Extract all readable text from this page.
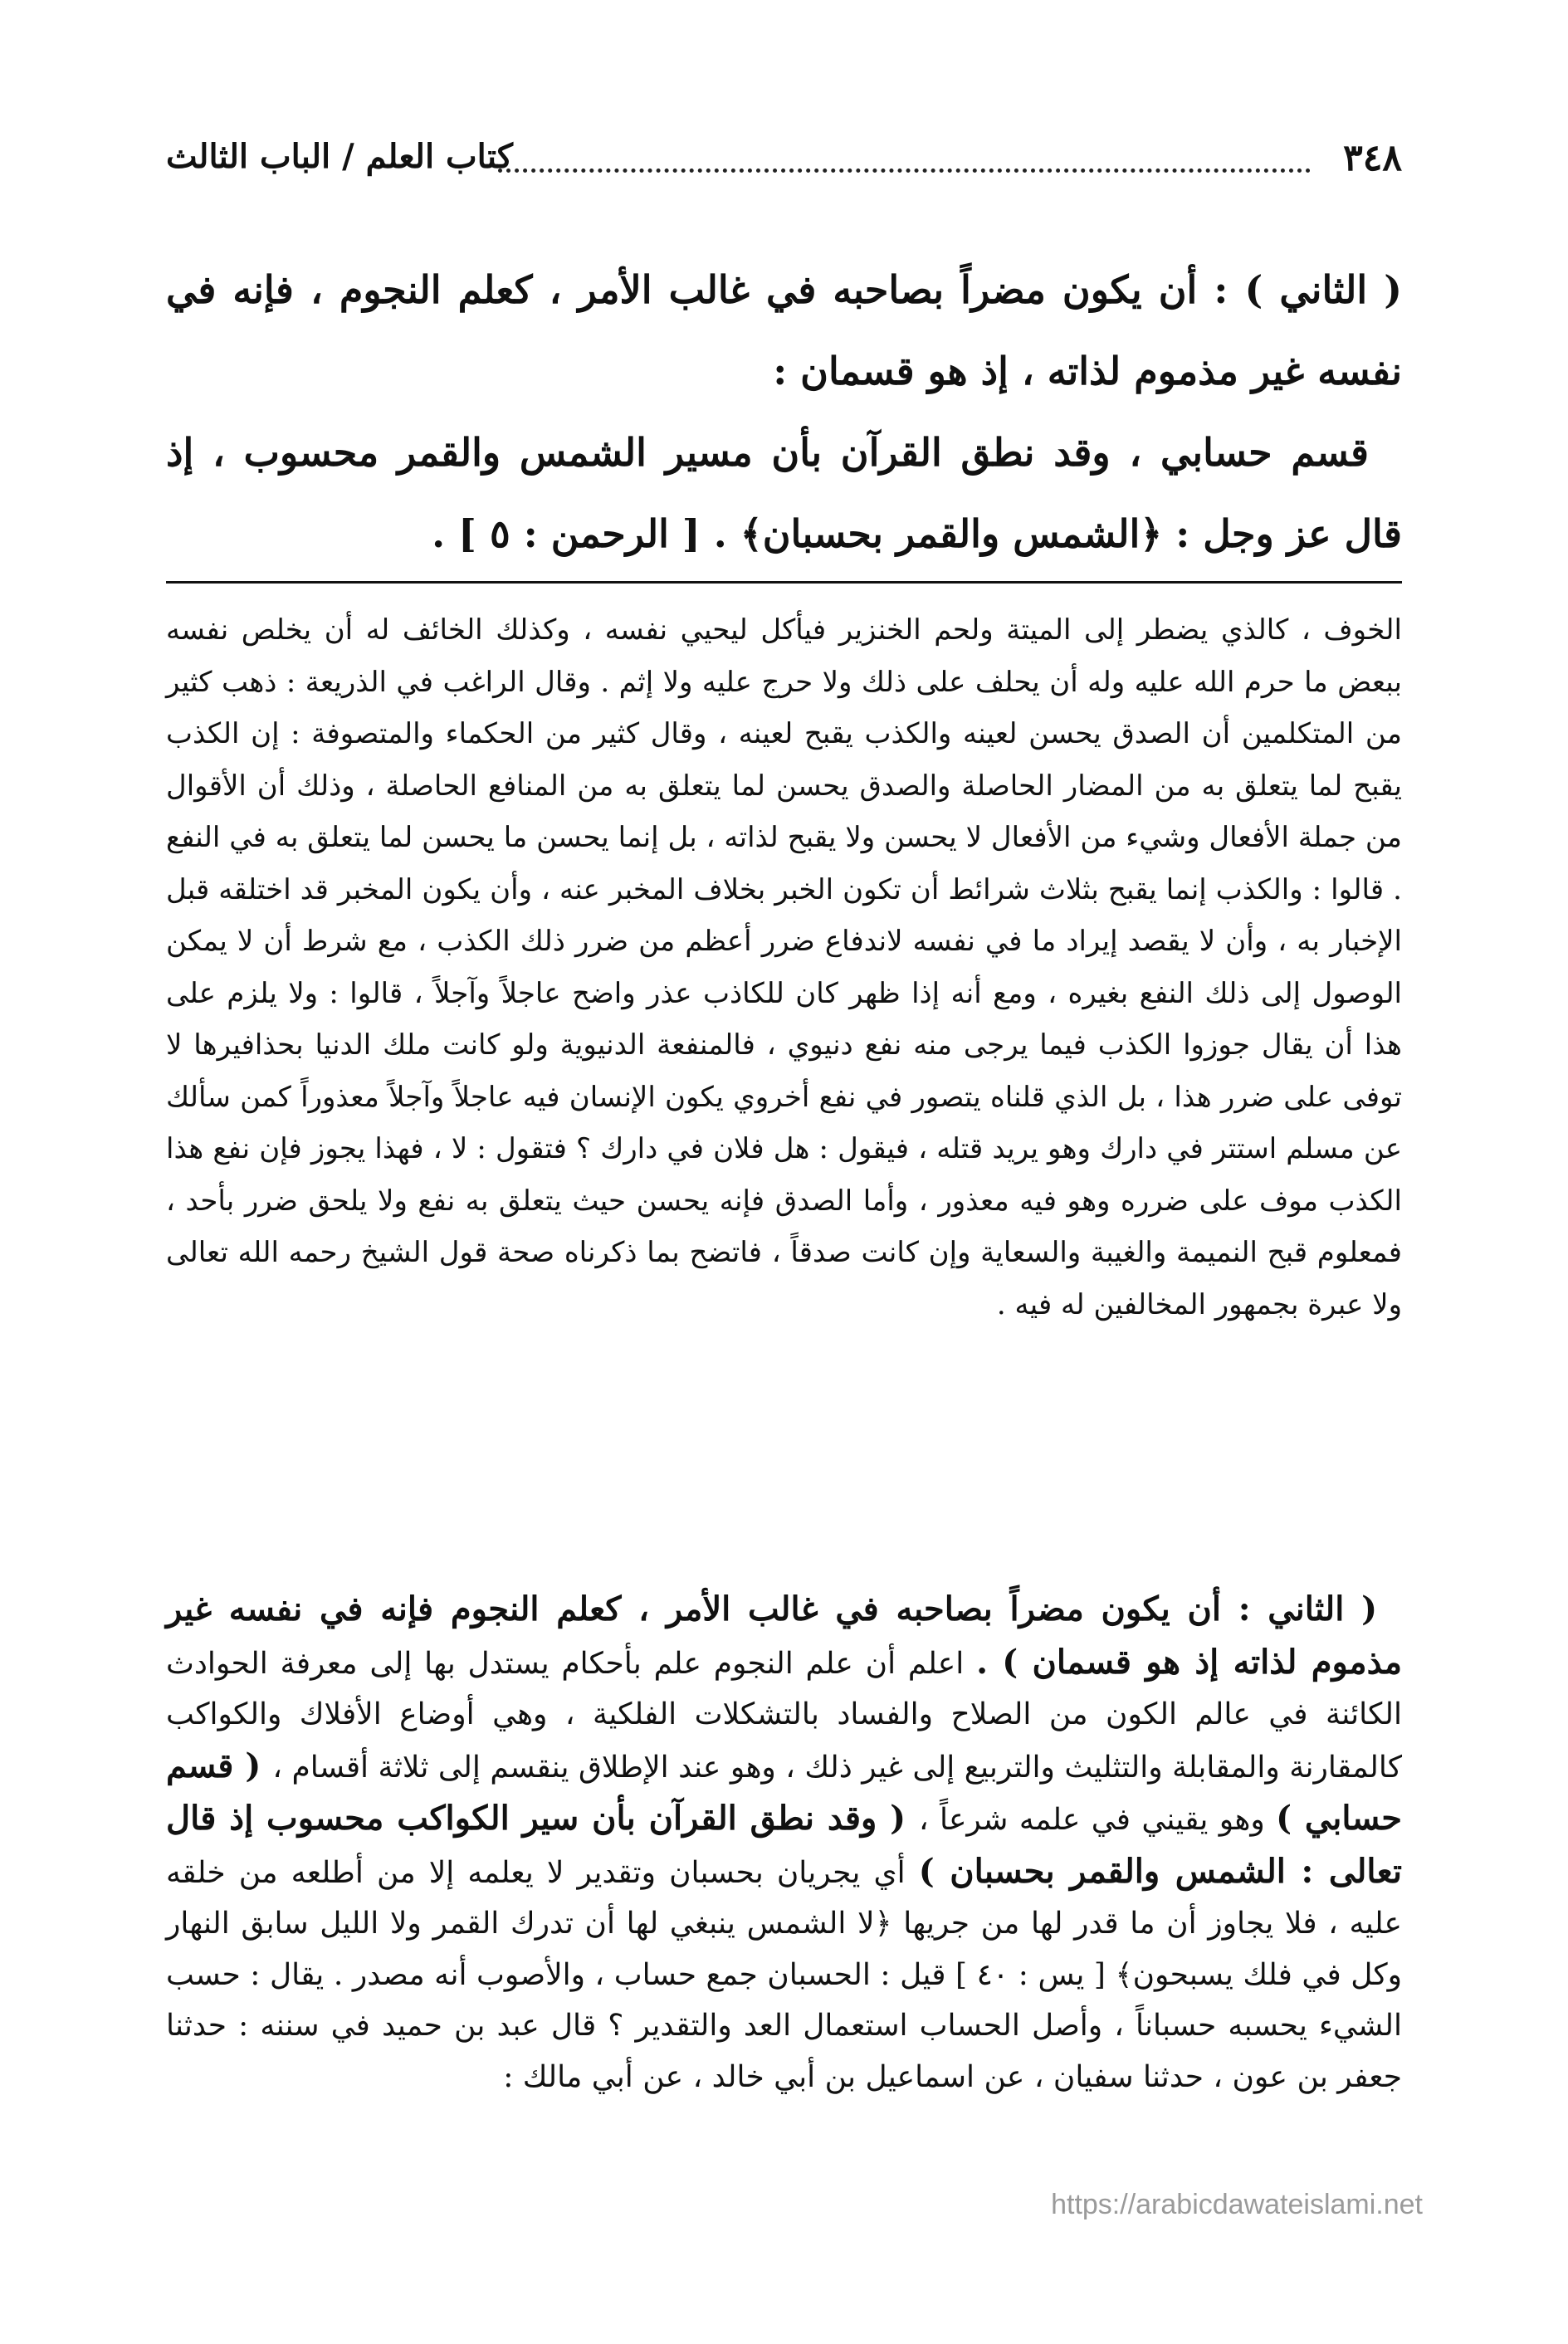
٣٤٨
كتاب العلم / الباب الثالث

( الثاني ) : أن يكون مضراً بصاحبه في غالب الأمر ، كعلم النجوم ، فإنه في نفسه غير مذموم لذاته ، إذ هو قسمان :

قسم حسابي ، وقد نطق القرآن بأن مسير الشمس والقمر محسوب ، إذ قال عز وجل : ﴿الشمس والقمر بحسبان﴾ . [ الرحمن : ٥ ] .

الخوف ، كالذي يضطر إلى الميتة ولحم الخنزير فيأكل ليحيي نفسه ، وكذلك الخائف له أن يخلص نفسه ببعض ما حرم الله عليه وله أن يحلف على ذلك ولا حرج عليه ولا إثم . وقال الراغب في الذريعة : ذهب كثير من المتكلمين أن الصدق يحسن لعينه والكذب يقبح لعينه ، وقال كثير من الحكماء والمتصوفة : إن الكذب يقبح لما يتعلق به من المضار الحاصلة والصدق يحسن لما يتعلق به من المنافع الحاصلة ، وذلك أن الأقوال من جملة الأفعال وشيء من الأفعال لا يحسن ولا يقبح لذاته ، بل إنما يحسن ما يحسن لما يتعلق به في النفع . قالوا : والكذب إنما يقبح بثلاث شرائط أن تكون الخبر بخلاف المخبر عنه ، وأن يكون المخبر قد اختلقه قبل الإخبار به ، وأن لا يقصد إيراد ما في نفسه لاندفاع ضرر أعظم من ضرر ذلك الكذب ، مع شرط أن لا يمكن الوصول إلى ذلك النفع بغيره ، ومع أنه إذا ظهر كان للكاذب عذر واضح عاجلاً وآجلاً ، قالوا : ولا يلزم على هذا أن يقال جوزوا الكذب فيما يرجى منه نفع دنيوي ، فالمنفعة الدنيوية ولو كانت ملك الدنيا بحذافيرها لا توفى على ضرر هذا ، بل الذي قلناه يتصور في نفع أخروي يكون الإنسان فيه عاجلاً وآجلاً معذوراً كمن سألك عن مسلم استتر في دارك وهو يريد قتله ، فيقول : هل فلان في دارك ؟ فتقول : لا ، فهذا يجوز فإن نفع هذا الكذب موف على ضرره وهو فيه معذور ، وأما الصدق فإنه يحسن حيث يتعلق به نفع ولا يلحق ضرر بأحد ، فمعلوم قبح النميمة والغيبة والسعاية وإن كانت صدقاً ، فاتضح بما ذكرناه صحة قول الشيخ رحمه الله تعالى ولا عبرة بجمهور المخالفين له فيه .

( الثاني : أن يكون مضراً بصاحبه في غالب الأمر ، كعلم النجوم فإنه في نفسه غير مذموم لذاته إذ هو قسمان ) . اعلم أن علم النجوم علم بأحكام يستدل بها إلى معرفة الحوادث الكائنة في عالم الكون من الصلاح والفساد بالتشكلات الفلكية ، وهي أوضاع الأفلاك والكواكب كالمقارنة والمقابلة والتثليث والتربيع إلى غير ذلك ، وهو عند الإطلاق ينقسم إلى ثلاثة أقسام ، ( قسم حسابي ) وهو يقيني في علمه شرعاً ، ( وقد نطق القرآن بأن سير الكواكب محسوب إذ قال تعالى : الشمس والقمر بحسبان ) أي يجريان بحسبان وتقدير لا يعلمه إلا من أطلعه من خلقه عليه ، فلا يجاوز أن ما قدر لها من جريها ﴿لا الشمس ينبغي لها أن تدرك القمر ولا الليل سابق النهار وكل في فلك يسبحون﴾ [ يس : ٤٠ ] قيل : الحسبان جمع حساب ، والأصوب أنه مصدر . يقال : حسب الشيء يحسبه حسباناً ، وأصل الحساب استعمال العد والتقدير ؟ قال عبد بن حميد في سننه : حدثنا جعفر بن عون ، حدثنا سفيان ، عن اسماعيل بن أبي خالد ، عن أبي مالك :

https://arabicdawateislami.net
